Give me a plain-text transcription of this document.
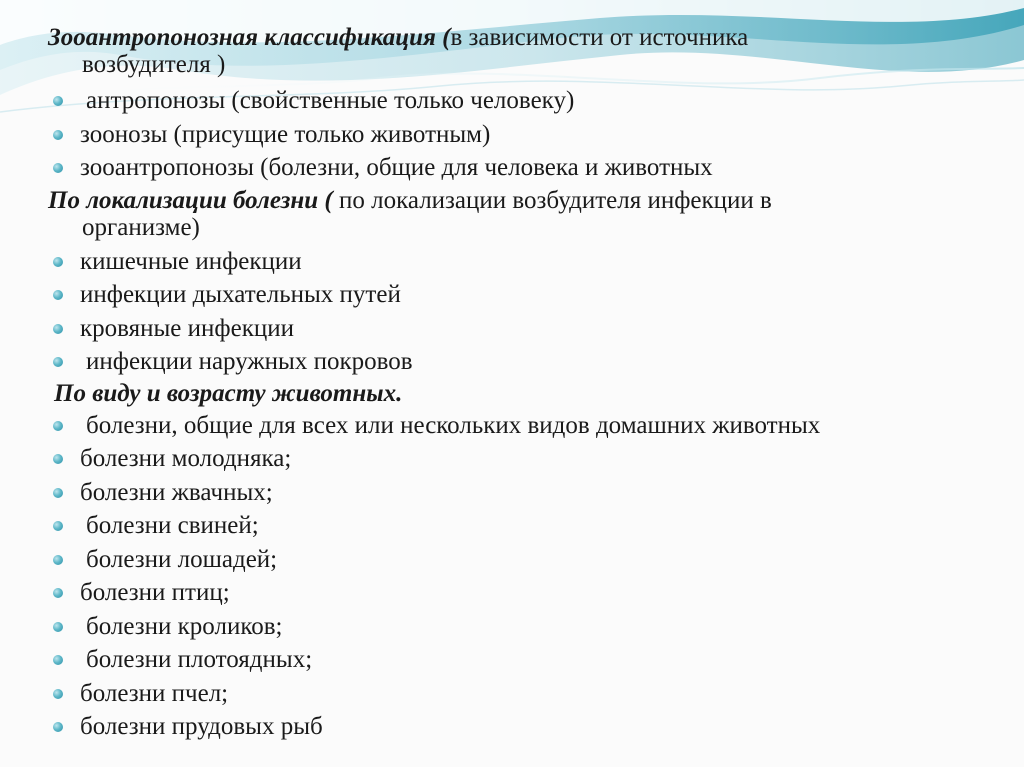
Зооантропонозная классификация (в зависимости от источника
возбудителя )

антропонозы (свойственные только человеку)
зоонозы (присущие только животным)
зооантропонозы (болезни, общие для человека и животных

По локализации болезни ( по локализации возбудителя инфекции в
организме)

кишечные инфекции
инфекции дыхательных путей
кровяные инфекции
инфекции наружных покровов

По виду и возрасту животных.

болезни, общие для всех или нескольких видов домашних животных
болезни молодняка;
болезни жвачных;
болезни свиней;
болезни лошадей;
болезни птиц;
болезни кроликов;
болезни плотоядных;
болезни пчел;
болезни прудовых рыб
